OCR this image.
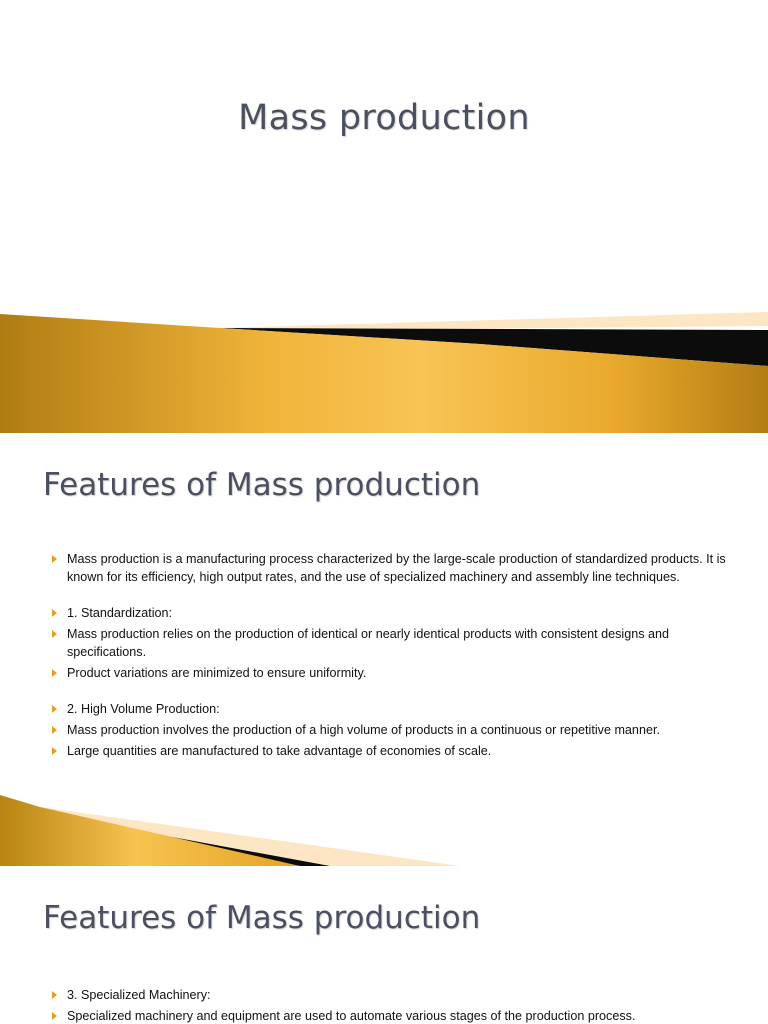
Mass production
Features of Mass production
Mass production is a manufacturing process characterized by the large-scale production of standardized products. It is known for its efficiency, high output rates, and the use of specialized machinery and assembly line techniques.
1. Standardization:
Mass production relies on the production of identical or nearly identical products with consistent designs and specifications.
Product variations are minimized to ensure uniformity.
2. High Volume Production:
Mass production involves the production of a high volume of products in a continuous or repetitive manner.
Large quantities are manufactured to take advantage of economies of scale.
Features of Mass production
3. Specialized Machinery:
Specialized machinery and equipment are used to automate various stages of the production process.
